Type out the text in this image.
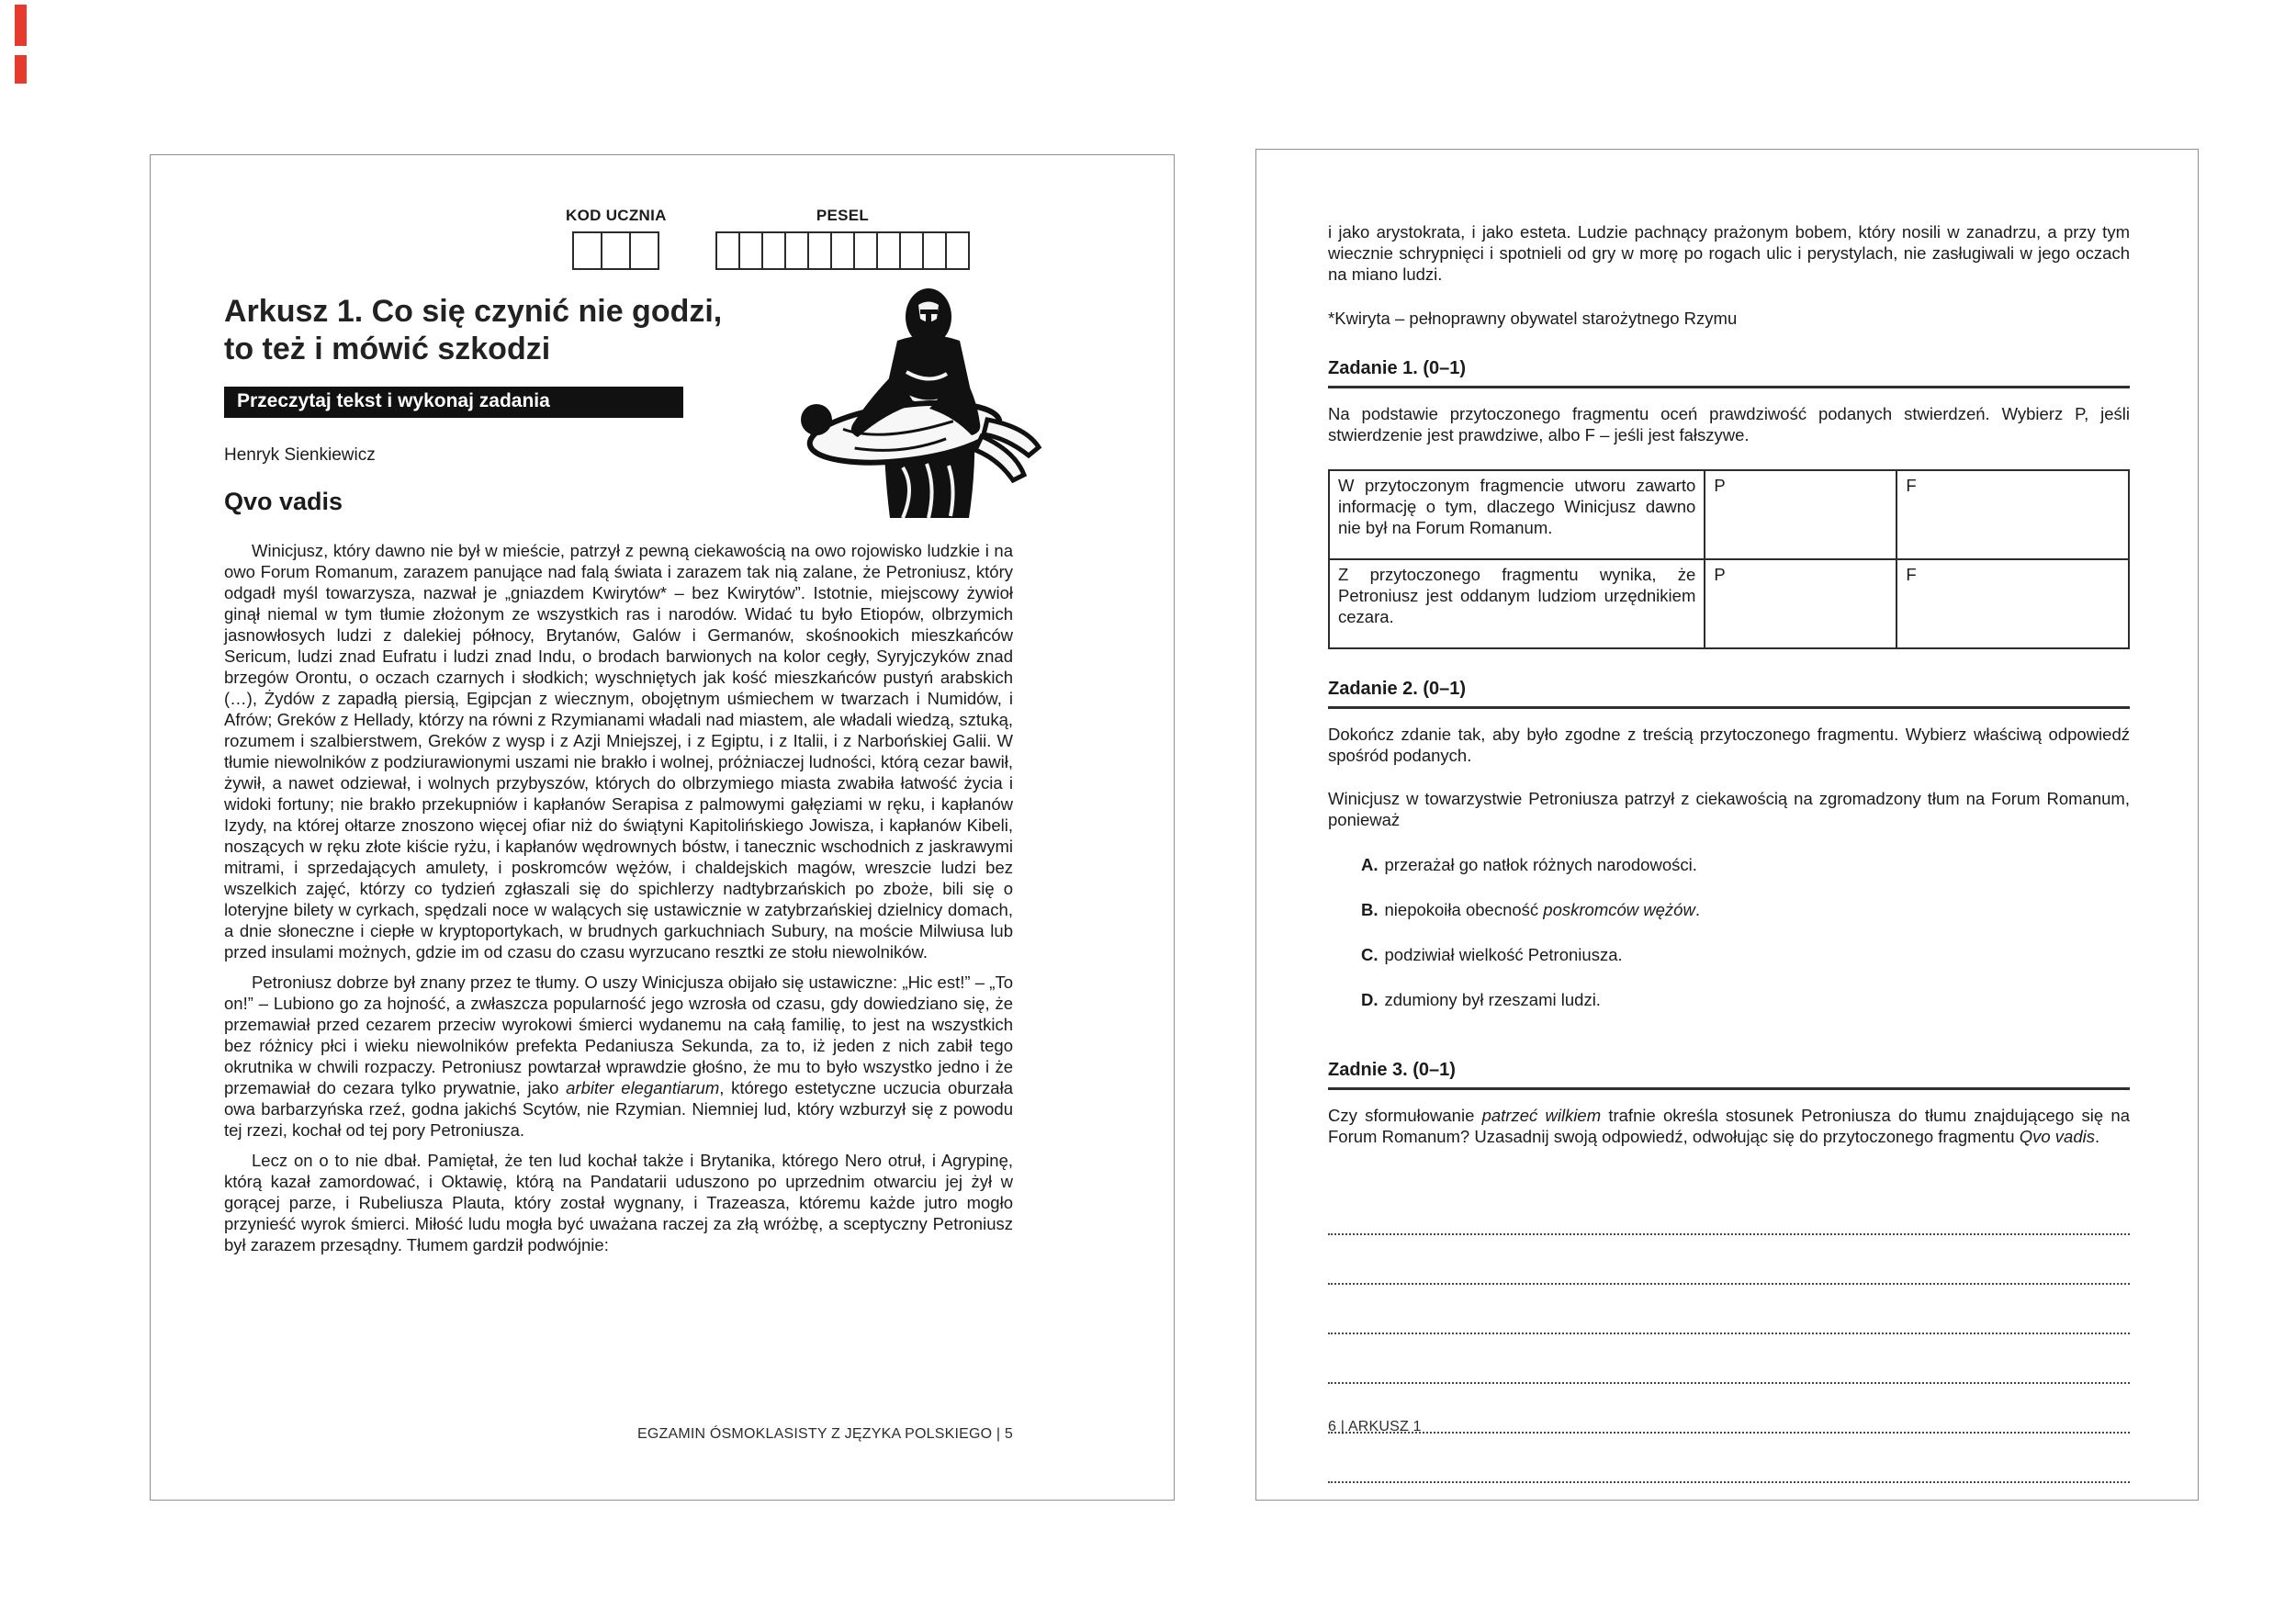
KOD UCZNIA	PESEL
Arkusz 1. Co się czynić nie godzi,
to też i mówić szkodzi
Przeczytaj tekst i wykonaj zadania
Henryk Sienkiewicz
Qvo vadis

Winicjusz, który dawno nie był w mieście, patrzył z pewną ciekawością na owo rojowisko ludzkie i na owo Forum Romanum, zarazem panujące nad falą świata i zarazem tak nią zalane, że Petroniusz, który odgadł myśl towarzysza, nazwał je „gniazdem Kwirytów* – bez Kwirytów”. Istotnie, miejscowy żywioł ginął niemal w tym tłumie złożonym ze wszystkich ras i narodów. Widać tu było Etiopów, olbrzymich jasnowłosych ludzi z dalekiej północy, Brytanów, Galów i Germanów, skośnookich mieszkańców Sericum, ludzi znad Eufratu i ludzi znad Indu, o brodach barwionych na kolor cegły, Syryjczyków znad brzegów Orontu, o oczach czarnych i słodkich; wyschniętych jak kość mieszkańców pustyń arabskich (…), Żydów z zapadłą piersią, Egipcjan z wiecznym, obojętnym uśmiechem w twarzach i Numidów, i Afrów; Greków z Hellady, którzy na równi z Rzymianami władali nad miastem, ale władali wiedzą, sztuką, rozumem i szalbierstwem, Greków z wysp i z Azji Mniejszej, i z Egiptu, i z Italii, i z Narbońskiej Galii. W tłumie niewolników z podziurawionymi uszami nie brakło i wolnej, próżniaczej ludności, którą cezar bawił, żywił, a nawet odziewał, i wolnych przybyszów, których do olbrzymiego miasta zwabiła łatwość życia i widoki fortuny; nie brakło przekupniów i kapłanów Serapisa z palmowymi gałęziami w ręku, i kapłanów Izydy, na której ołtarze znoszono więcej ofiar niż do świątyni Kapitolińskiego Jowisza, i kapłanów Kibeli, noszących w ręku złote kiście ryżu, i kapłanów wędrownych bóstw, i tanecznic wschodnich z jaskrawymi mitrami, i sprzedających amulety, i poskromców wężów, i chaldejskich magów, wreszcie ludzi bez wszelkich zajęć, którzy co tydzień zgłaszali się do spichlerzy nadtybrzańskich po zboże, bili się o loteryjne bilety w cyrkach, spędzali noce w walących się ustawicznie w zatybrzańskiej dzielnicy domach, a dnie słoneczne i ciepłe w kryptoportykach, w brudnych garkuchniach Subury, na moście Milwiusa lub przed insulami możnych, gdzie im od czasu do czasu wyrzucano resztki ze stołu niewolników.

Petroniusz dobrze był znany przez te tłumy. O uszy Winicjusza obijało się ustawiczne: „Hic est!” – „To on!” – Lubiono go za hojność, a zwłaszcza popularność jego wzrosła od czasu, gdy dowiedziano się, że przemawiał przed cezarem przeciw wyrokowi śmierci wydanemu na całą familię, to jest na wszystkich bez różnicy płci i wieku niewolników prefekta Pedaniusza Sekunda, za to, iż jeden z nich zabił tego okrutnika w chwili rozpaczy. Petroniusz powtarzał wprawdzie głośno, że mu to było wszystko jedno i że przemawiał do cezara tylko prywatnie, jako arbiter elegantiarum, którego estetyczne uczucia oburzała owa barbarzyńska rzeź, godna jakichś Scytów, nie Rzymian. Niemniej lud, który wzburzył się z powodu tej rzezi, kochał od tej pory Petroniusza.

Lecz on o to nie dbał. Pamiętał, że ten lud kochał także i Brytanika, którego Nero otruł, i Agrypinę, którą kazał zamordować, i Oktawię, którą na Pandatarii uduszono po uprzednim otwarciu jej żył w gorącej parze, i Rubeliusza Plauta, który został wygnany, i Trazeasza, któremu każde jutro mogło przynieść wyrok śmierci. Miłość ludu mogła być uważana raczej za złą wróżbę, a sceptyczny Petroniusz był zarazem przesądny. Tłumem gardził podwójnie:

EGZAMIN ÓSMOKLASISTY Z JĘZYKA POLSKIEGO | 5

i jako arystokrata, i jako esteta. Ludzie pachnący prażonym bobem, który nosili w zanadrzu, a przy tym wiecznie schrypnięci i spotnieli od gry w morę po rogach ulic i perystylach, nie zasługiwali w jego oczach na miano ludzi.

*Kwiryta – pełnoprawny obywatel starożytnego Rzymu
Zadanie 1. (0–1)

Na podstawie przytoczonego fragmentu oceń prawdziwość podanych stwierdzeń. Wybierz P, jeśli stwierdzenie jest prawdziwe, albo F – jeśli jest fałszywe.

W przytoczonym fragmencie utworu zawarto informację o tym, dlaczego Winicjusz dawno nie był na Forum Romanum.	P	F
Z przytoczonego fragmentu wynika, że Petroniusz jest oddanym ludziom urzędnikiem cezara.	P	F
Zadanie 2. (0–1)

Dokończ zdanie tak, aby było zgodne z treścią przytoczonego fragmentu. Wybierz właściwą odpowiedź spośród podanych.

Winicjusz w towarzystwie Petroniusza patrzył z ciekawością na zgromadzony tłum na Forum Romanum, ponieważ

A. przerażał go natłok różnych narodowości.
B. niepokoiła obecność poskromców wężów.
C. podziwiał wielkość Petroniusza.
D. zdumiony był rzeszami ludzi.
Zadnie 3. (0–1)

Czy sformułowanie patrzeć wilkiem trafnie określa stosunek Petroniusza do tłumu znajdującego się na Forum Romanum? Uzasadnij swoją odpowiedź, odwołując się do przytoczonego fragmentu Qvo vadis.

6 | ARKUSZ 1
